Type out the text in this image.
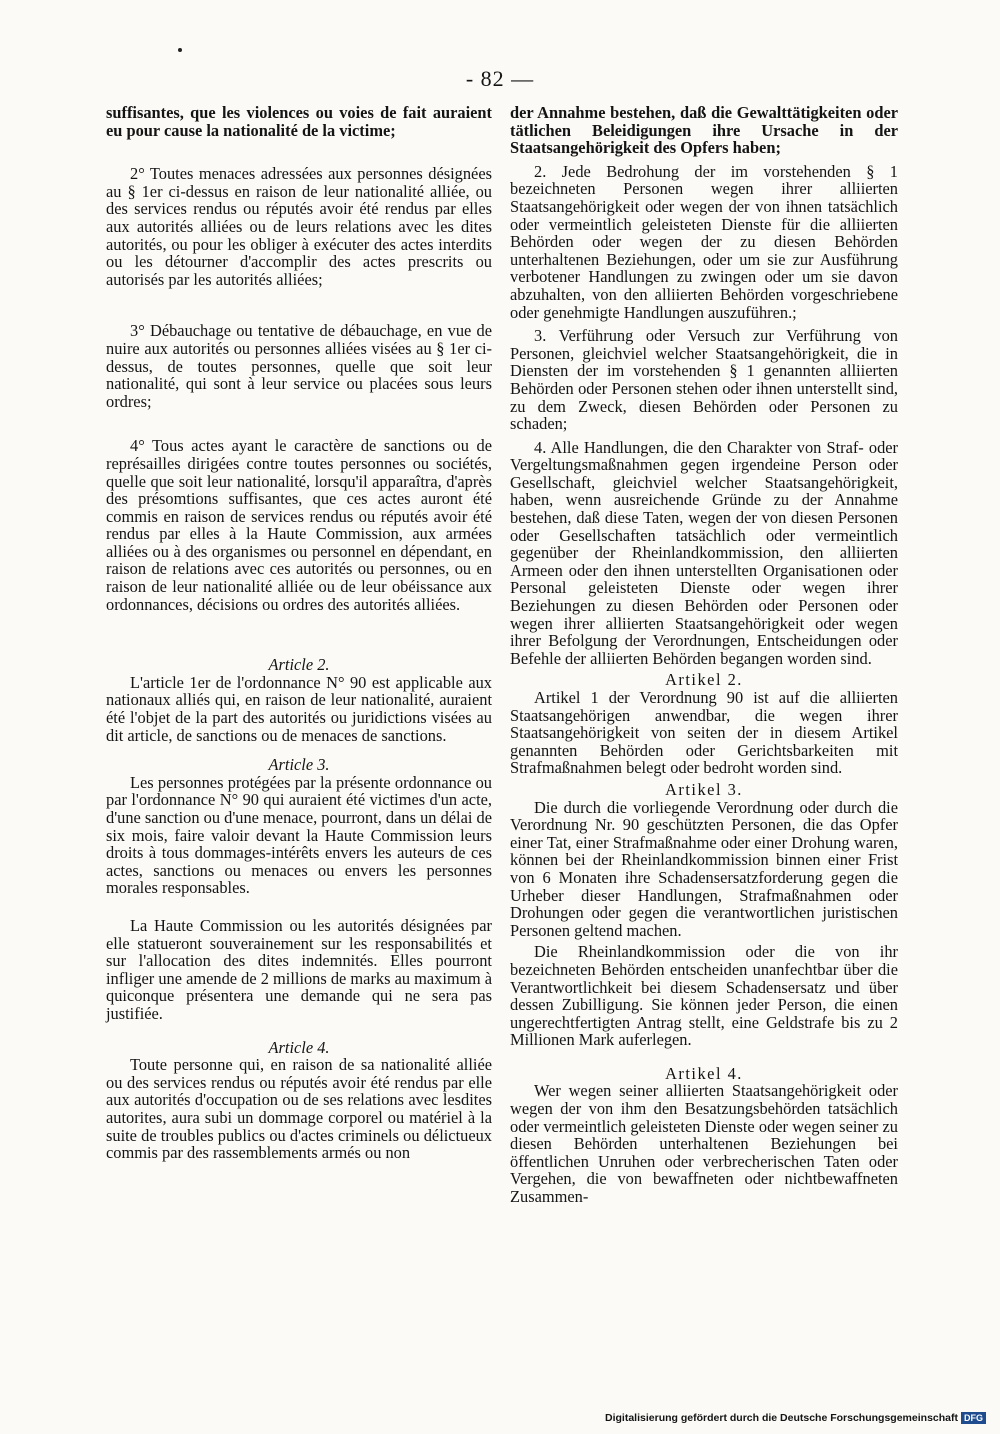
- 82 —

suffisantes, que les violences ou voies de fait auraient eu pour cause la nationalité de la victime;

2° Toutes menaces adressées aux personnes désignées au § 1er ci-dessus en raison de leur nationalité alliée, ou des services rendus ou réputés avoir été rendus par elles aux autorités alliées ou de leurs relations avec les dites autorités, ou pour les obliger à exécuter des actes interdits ou les détourner d'accomplir des actes prescrits ou autorisés par les autorités alliées;

3° Débauchage ou tentative de débauchage, en vue de nuire aux autorités ou personnes alliées visées au § 1er ci-dessus, de toutes personnes, quelle que soit leur nationalité, qui sont à leur service ou placées sous leurs ordres;

4° Tous actes ayant le caractère de sanctions ou de représailles dirigées contre toutes personnes ou sociétés, quelle que soit leur nationalité, lorsqu'il apparaîtra, d'après des présomtions suffisantes, que ces actes auront été commis en raison de services rendus ou réputés avoir été rendus par elles à la Haute Commission, aux armées alliées ou à des organismes ou personnel en dépendant, en raison de relations avec ces autorités ou personnes, ou en raison de leur nationalité alliée ou de leur obéissance aux ordonnances, décisions ou ordres des autorités alliées.

Article 2.

L'article 1er de l'ordonnance N° 90 est applicable aux nationaux alliés qui, en raison de leur nationalité, auraient été l'objet de la part des autorités ou juridictions visées au dit article, de sanctions ou de menaces de sanctions.

Article 3.

Les personnes protégées par la présente ordonnance ou par l'ordonnance N° 90 qui auraient été victimes d'un acte, d'une sanction ou d'une menace, pourront, dans un délai de six mois, faire valoir devant la Haute Commission leurs droits à tous dommages-intérêts envers les auteurs de ces actes, sanctions ou menaces ou envers les personnes morales responsables.

La Haute Commission ou les autorités désignées par elle statueront souverainement sur les responsabilités et sur l'allocation des dites indemnités. Elles pourront infliger une amende de 2 millions de marks au maximum à quiconque présentera une demande qui ne sera pas justifiée.

Article 4.

Toute personne qui, en raison de sa nationalité alliée ou des services rendus ou réputés avoir été rendus par elle aux autorités d'occupation ou de ses relations avec lesdites autorites, aura subi un dommage corporel ou matériel à la suite de troubles publics ou d'actes criminels ou délictueux commis par des rassemblements armés ou non

der Annahme bestehen, daß die Gewalttätigkeiten oder tätlichen Beleidigungen ihre Ursache in der Staatsangehörigkeit des Opfers haben;

2. Jede Bedrohung der im vorstehenden § 1 bezeichneten Personen wegen ihrer alliierten Staatsangehörigkeit oder wegen der von ihnen tatsächlich oder vermeintlich geleisteten Dienste für die alliierten Behörden oder wegen der zu diesen Behörden unterhaltenen Beziehungen, oder um sie zur Ausführung verbotener Handlungen zu zwingen oder um sie davon abzuhalten, von den alliierten Behörden vorgeschriebene oder genehmigte Handlungen auszuführen.;

3. Verführung oder Versuch zur Verführung von Personen, gleichviel welcher Staatsangehörigkeit, die in Diensten der im vorstehenden § 1 genannten alliierten Behörden oder Personen stehen oder ihnen unterstellt sind, zu dem Zweck, diesen Behörden oder Personen zu schaden;

4. Alle Handlungen, die den Charakter von Straf- oder Vergeltungsmaßnahmen gegen irgendeine Person oder Gesellschaft, gleichviel welcher Staatsangehörigkeit, haben, wenn ausreichende Gründe zu der Annahme bestehen, daß diese Taten, wegen der von diesen Personen oder Gesellschaften tatsächlich oder vermeintlich gegenüber der Rheinlandkommission, den alliierten Armeen oder den ihnen unterstellten Organisationen oder Personal geleisteten Dienste oder wegen ihrer Beziehungen zu diesen Behörden oder Personen oder wegen ihrer alliierten Staatsangehörigkeit oder wegen ihrer Befolgung der Verordnungen, Entscheidungen oder Befehle der alliierten Behörden begangen worden sind.

Artikel 2.

Artikel 1 der Verordnung 90 ist auf die alliierten Staatsangehörigen anwendbar, die wegen ihrer Staatsangehörigkeit von seiten der in diesem Artikel genannten Behörden oder Gerichtsbarkeiten mit Strafmaßnahmen belegt oder bedroht worden sind.

Artikel 3.

Die durch die vorliegende Verordnung oder durch die Verordnung Nr. 90 geschützten Personen, die das Opfer einer Tat, einer Strafmaßnahme oder einer Drohung waren, können bei der Rheinlandkommission binnen einer Frist von 6 Monaten ihre Schadensersatzforderung gegen die Urheber dieser Handlungen, Strafmaßnahmen oder Drohungen oder gegen die verantwortlichen juristischen Personen geltend machen.

Die Rheinlandkommission oder die von ihr bezeichneten Behörden entscheiden unanfechtbar über die Verantwortlichkeit bei diesem Schadensersatz und über dessen Zubilligung. Sie können jeder Person, die einen ungerechtfertigten Antrag stellt, eine Geldstrafe bis zu 2 Millionen Mark auferlegen.

Artikel 4.

Wer wegen seiner alliierten Staatsangehörigkeit oder wegen der von ihm den Besatzungsbehörden tatsächlich oder vermeintlich geleisteten Dienste oder wegen seiner zu diesen Behörden unterhaltenen Beziehungen bei öffentlichen Unruhen oder verbrecherischen Taten oder Vergehen, die von bewaffneten oder nichtbewaffneten Zusammen-

Digitalisierung gefördert durch die Deutsche Forschungsgemeinschaft DFG
